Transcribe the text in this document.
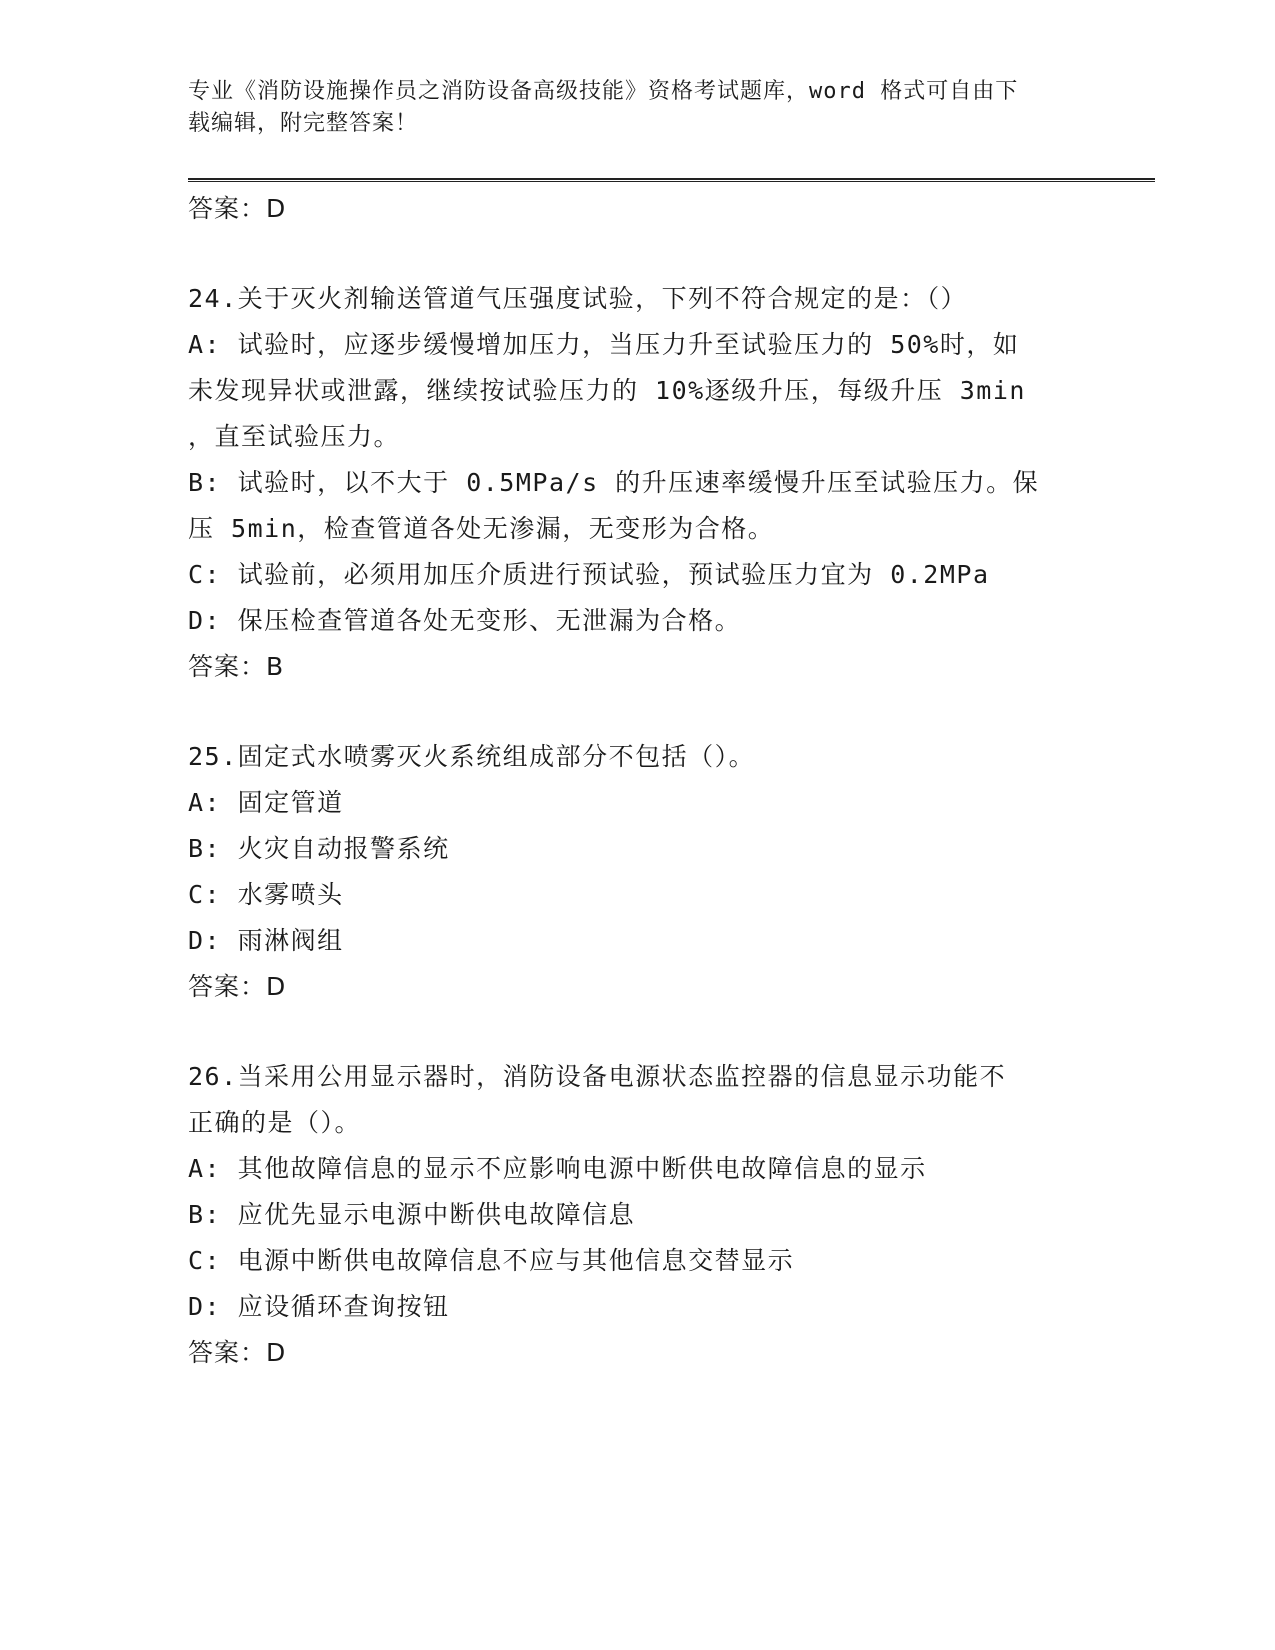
专业《消防设施操作员之消防设备高级技能》资格考试题库，word 格式可自由下
载编辑，附完整答案！
答案：D
24.关于灭火剂输送管道气压强度试验，下列不符合规定的是：（）
A: 试验时，应逐步缓慢增加压力，当压力升至试验压力的 50%时，如
未发现异状或泄露，继续按试验压力的 10%逐级升压，每级升压 3min
，直至试验压力。
B: 试验时，以不大于 0.5MPa/s 的升压速率缓慢升压至试验压力。保
压 5min，检查管道各处无渗漏，无变形为合格。
C: 试验前，必须用加压介质进行预试验，预试验压力宜为 0.2MPa
D: 保压检查管道各处无变形、无泄漏为合格。
答案：B
25.固定式水喷雾灭火系统组成部分不包括（）。
A: 固定管道
B: 火灾自动报警系统
C: 水雾喷头
D: 雨淋阀组
答案：D
26.当采用公用显示器时，消防设备电源状态监控器的信息显示功能不
正确的是（）。
A: 其他故障信息的显示不应影响电源中断供电故障信息的显示
B: 应优先显示电源中断供电故障信息
C: 电源中断供电故障信息不应与其他信息交替显示
D: 应设循环查询按钮
答案：D
